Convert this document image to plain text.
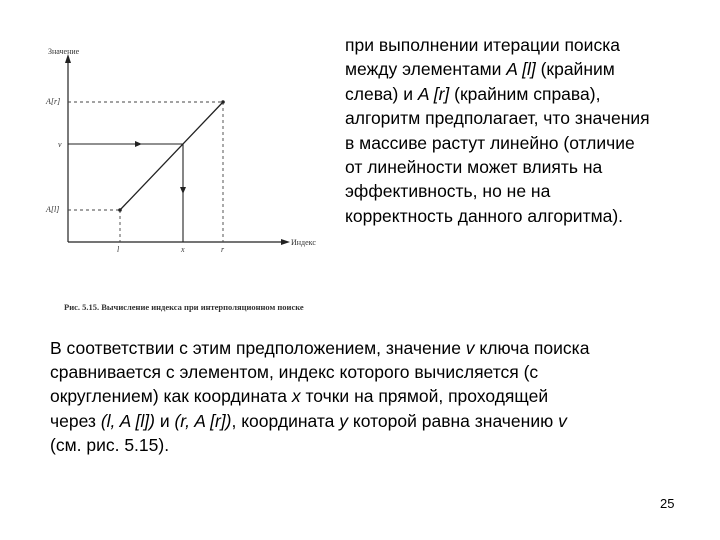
Значение
Индекс
A[r]
v
A[l]
l	x	r
Рис. 5.15. Вычисление индекса при интерполяционном поиске

при выполнении итерации поиска

между элементами A [l] (крайним

слева) и A [r] (крайним справа),

алгоритм предполагает, что значения

в массиве растут линейно (отличие

от линейности может влиять на

эффективность, но не на

корректность данного алгоритма).

В соответствии с этим предположением, значение v ключа поиска

сравнивается с элементом, индекс которого вычисляется (с

округлением) как координата x точки на прямой, проходящей

через (l, A [l]) и (r, A [r]), координата y которой равна значению v

(см. рис. 5.15).

25
